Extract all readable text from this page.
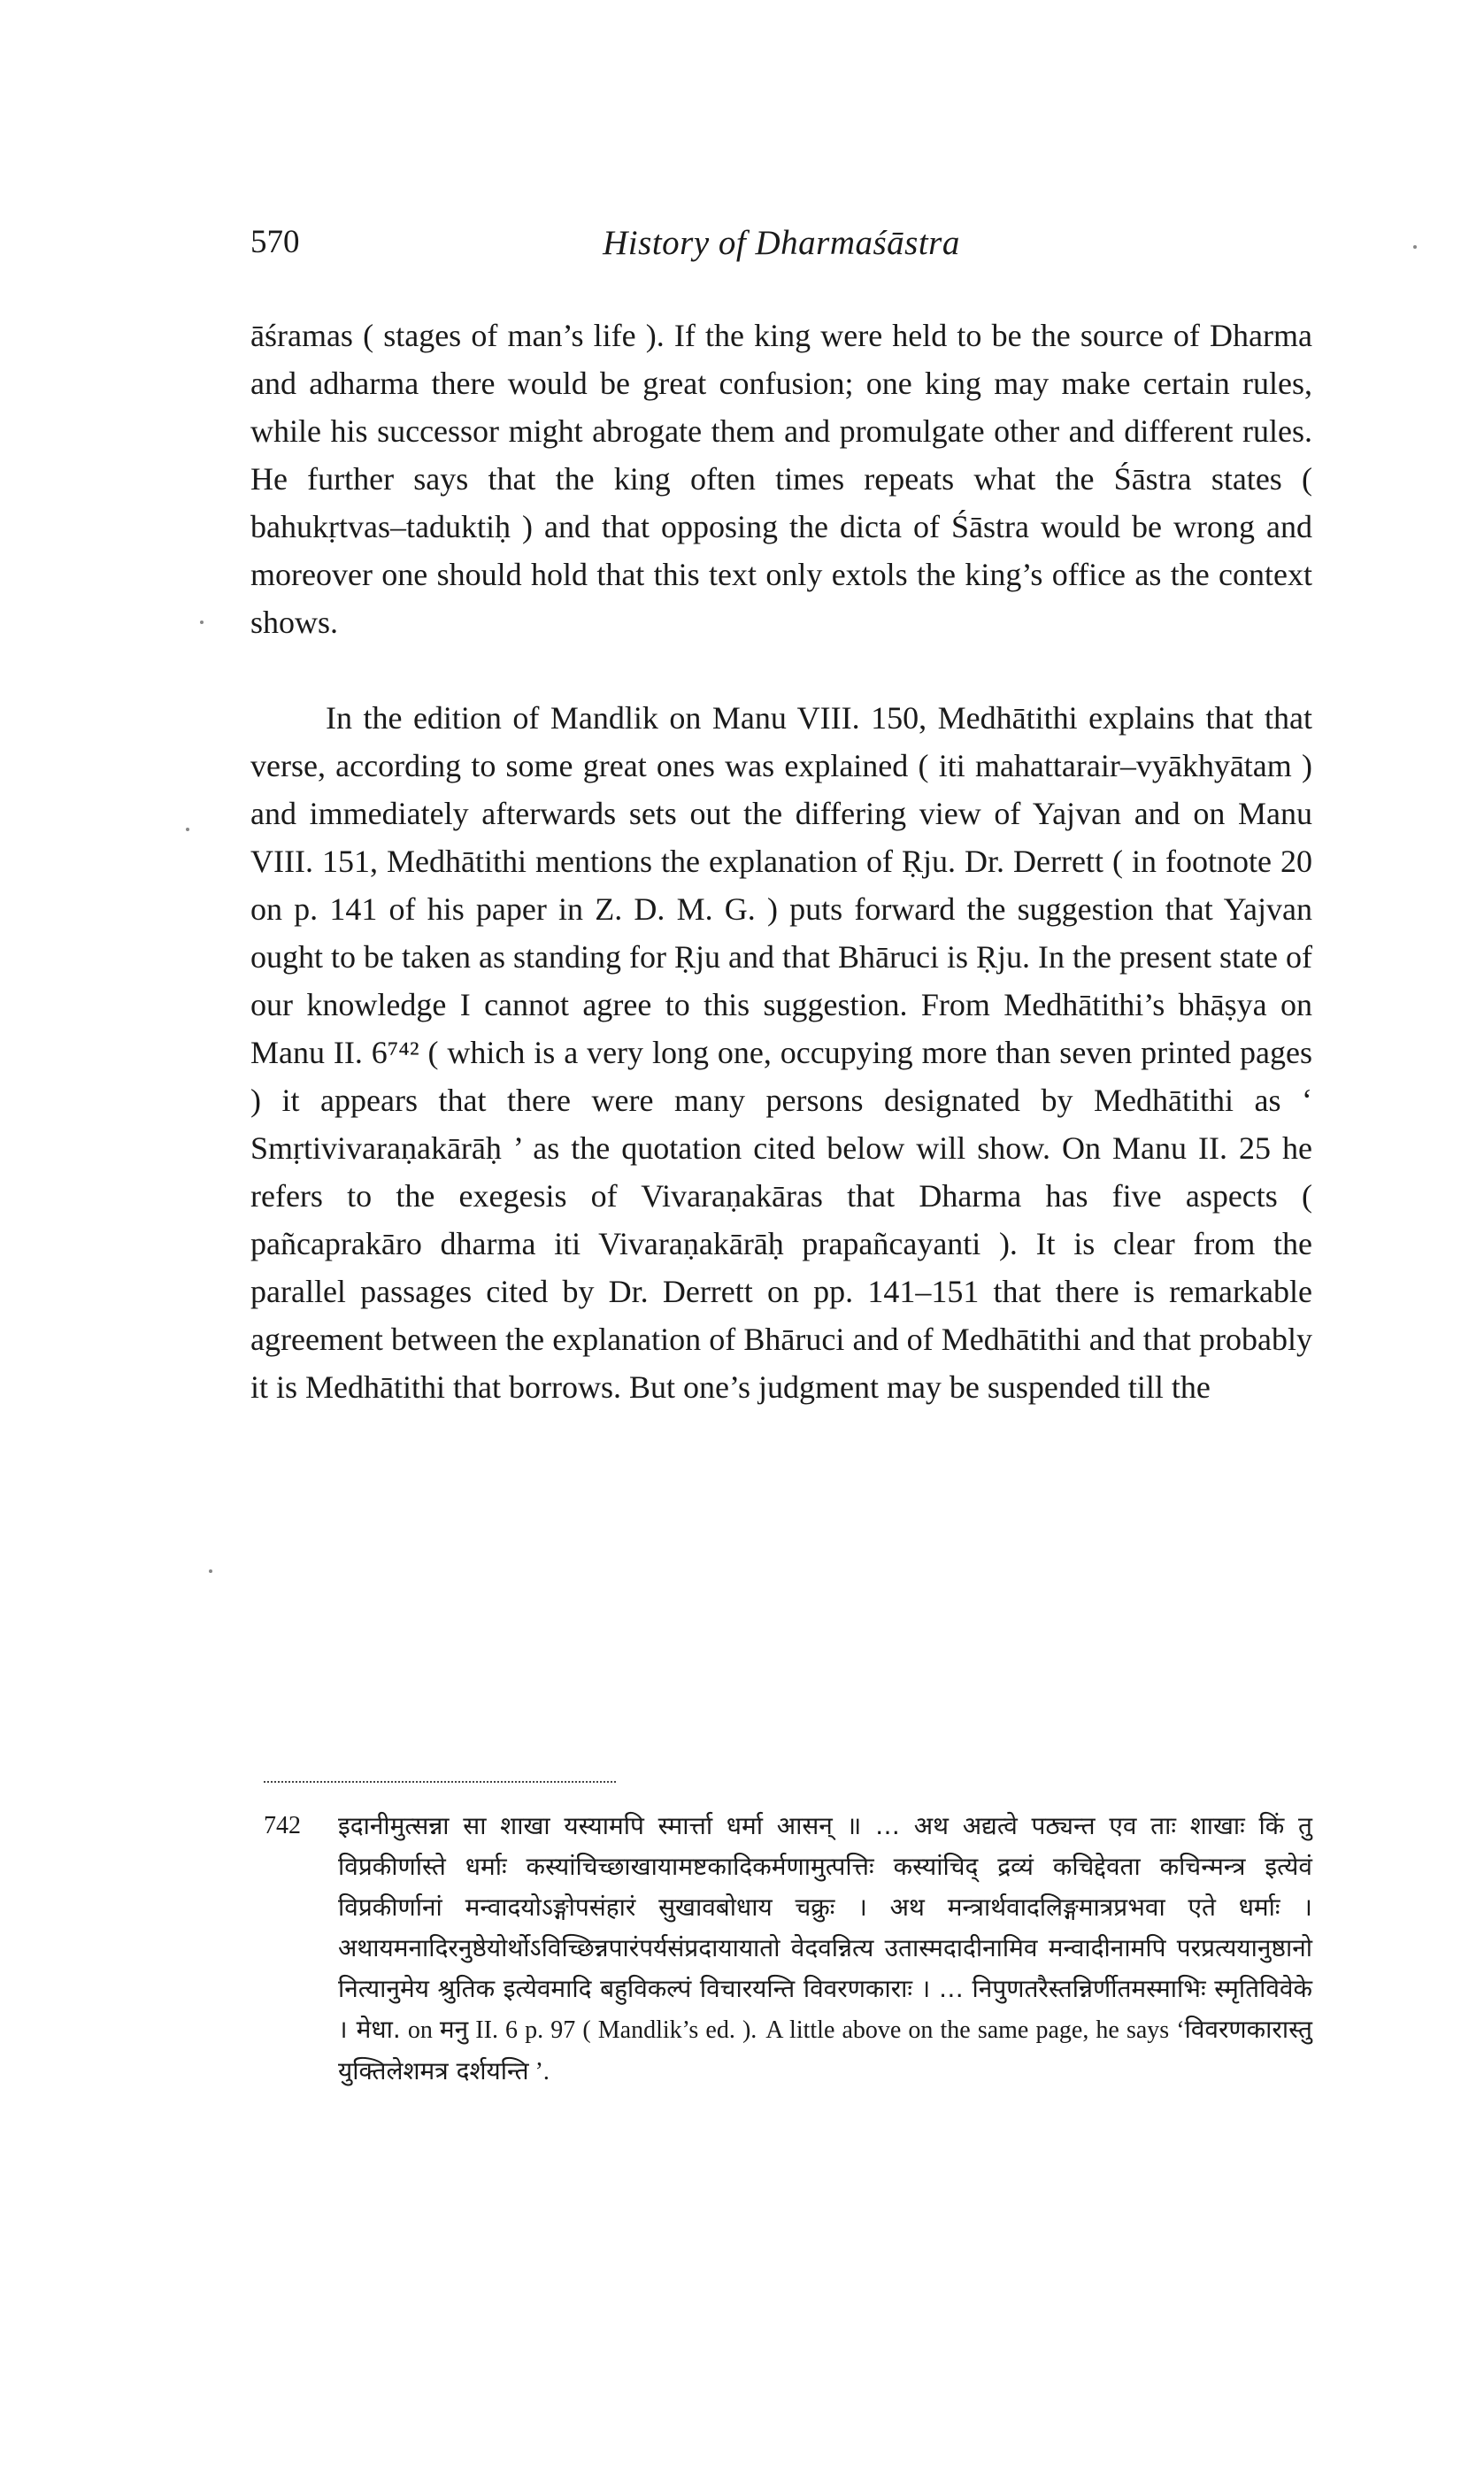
570	History of Dharmaśāstra

āśramas ( stages of man’s life ). If the king were held to be the source of Dharma and adharma there would be great confusion; one king may make certain rules, while his successor might abrogate them and promulgate other and different rules. He further says that the king often times repeats what the Śāstra states ( bahukṛtvas–taduktiḥ ) and that opposing the dicta of Śāstra would be wrong and moreover one should hold that this text only extols the king’s office as the context shows.

In the edition of Mandlik on Manu VIII. 150, Medhātithi explains that that verse, according to some great ones was explained ( iti mahattarair–vyākhyātam ) and immediately afterwards sets out the differing view of Yajvan and on Manu VIII. 151, Medhātithi mentions the explanation of Ṛju. Dr. Derrett ( in footnote 20 on p. 141 of his paper in Z. D. M. G. ) puts forward the suggestion that Yajvan ought to be taken as standing for Ṛju and that Bhāruci is Ṛju. In the present state of our knowledge I cannot agree to this suggestion. From Medhātithi’s bhāṣya on Manu II. 6⁷⁴² ( which is a very long one, occupying more than seven printed pages ) it appears that there were many persons designated by Medhātithi as ‘ Smṛtivivaraṇakārāḥ ’ as the quotation cited below will show. On Manu II. 25 he refers to the exegesis of Vivaraṇakāras that Dharma has five aspects ( pañcaprakāro dharma iti Vivaraṇakārāḥ prapañcayanti ). It is clear from the parallel passages cited by Dr. Derrett on pp. 141–151 that there is remarkable agreement between the explanation of Bhāruci and of Medhātithi and that probably it is Medhātithi that borrows. But one’s judgment may be suspended till the

742 इदानीमुत्सन्ना सा शाखा यस्यामपि स्मार्त्ता धर्मा आसन् ॥ … अथ अद्यत्वे पठ्यन्त एव ताः शाखाः किं तु विप्रकीर्णास्ते धर्माः कस्यांचिच्छाखायामष्टकादिकर्मणामुत्पत्तिः कस्यांचिद् द्रव्यं कचिद्देवता कचिन्मन्त्र इत्येवं विप्रकीर्णानां मन्वादयोऽङ्गोपसंहारं सुखावबोधाय चक्रुः । अथ मन्त्रार्थवादलिङ्गमात्रप्रभवा एते धर्माः । अथायमनादिरनुष्ठेयोर्थोऽविच्छिन्नपारंपर्यसंप्रदायायातो वेदवन्नित्य उतास्मदादीनामिव मन्वादीनामपि परप्रत्ययानुष्ठानो नित्यानुमेय श्रुतिक इत्येवमादि बहुविकल्पं विचारयन्ति विवरणकाराः । … निपुणतरैस्तन्निर्णीतमस्माभिः स्मृतिविवेके । मेधा. on मनु II. 6 p. 97 ( Mandlik’s ed. ). A little above on the same page, he says ‘विवरणकारास्तु युक्तिलेशमत्र दर्शयन्ति ’.
